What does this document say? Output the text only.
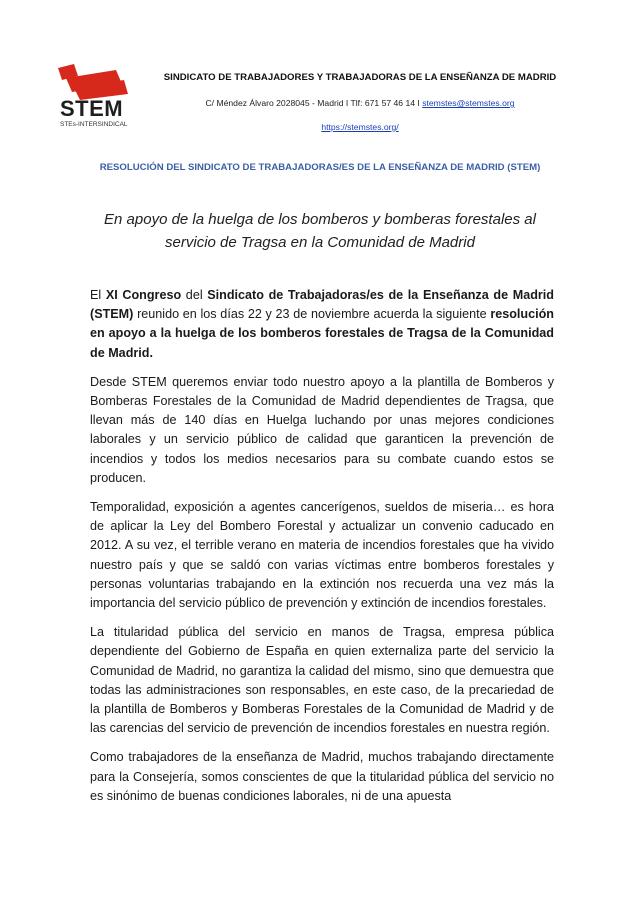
STEM
STEs-INTERSINDICAL
SINDICATO DE TRABAJADORES Y TRABAJADORAS DE LA ENSEÑANZA DE MADRID
C/ Méndez Álvaro 2028045 - Madrid I Tlf: 671 57 46 14 I stemstes@stemstes.org
https://stemstes.org/
RESOLUCIÓN DEL SINDICATO DE TRABAJADORAS/ES DE LA ENSEÑANZA DE MADRID (STEM)
En apoyo de la huelga de los bomberos y bomberas forestales al
servicio de Tragsa en la Comunidad de Madrid

El XI Congreso del Sindicato de Trabajadoras/es de la Enseñanza de Madrid (STEM) reunido en los días 22 y 23 de noviembre acuerda la siguiente resolución en apoyo a la huelga de los bomberos forestales de Tragsa de la Comunidad de Madrid.

Desde STEM queremos enviar todo nuestro apoyo a la plantilla de Bomberos y Bomberas Forestales de la Comunidad de Madrid dependientes de Tragsa, que llevan más de 140 días en Huelga luchando por unas mejores condiciones laborales y un servicio público de calidad que garanticen la prevención de incendios y todos los medios necesarios para su combate cuando estos se producen.

Temporalidad, exposición a agentes cancerígenos, sueldos de miseria… es hora de aplicar la Ley del Bombero Forestal y actualizar un convenio caducado en 2012. A su vez, el terrible verano en materia de incendios forestales que ha vivido nuestro país y que se saldó con varias víctimas entre bomberos forestales y personas voluntarias trabajando en la extinción nos recuerda una vez más la importancia del servicio público de prevención y extinción de incendios forestales.

La titularidad pública del servicio en manos de Tragsa, empresa pública dependiente del Gobierno de España en quien externaliza parte del servicio la Comunidad de Madrid, no garantiza la calidad del mismo, sino que demuestra que todas las administraciones son responsables, en este caso, de la precariedad de la plantilla de Bomberos y Bomberas Forestales de la Comunidad de Madrid y de las carencias del servicio de prevención de incendios forestales en nuestra región.

Como trabajadores de la enseñanza de Madrid, muchos trabajando directamente para la Consejería, somos conscientes de que la titularidad pública del servicio no es sinónimo de buenas condiciones laborales, ni de una apuesta
